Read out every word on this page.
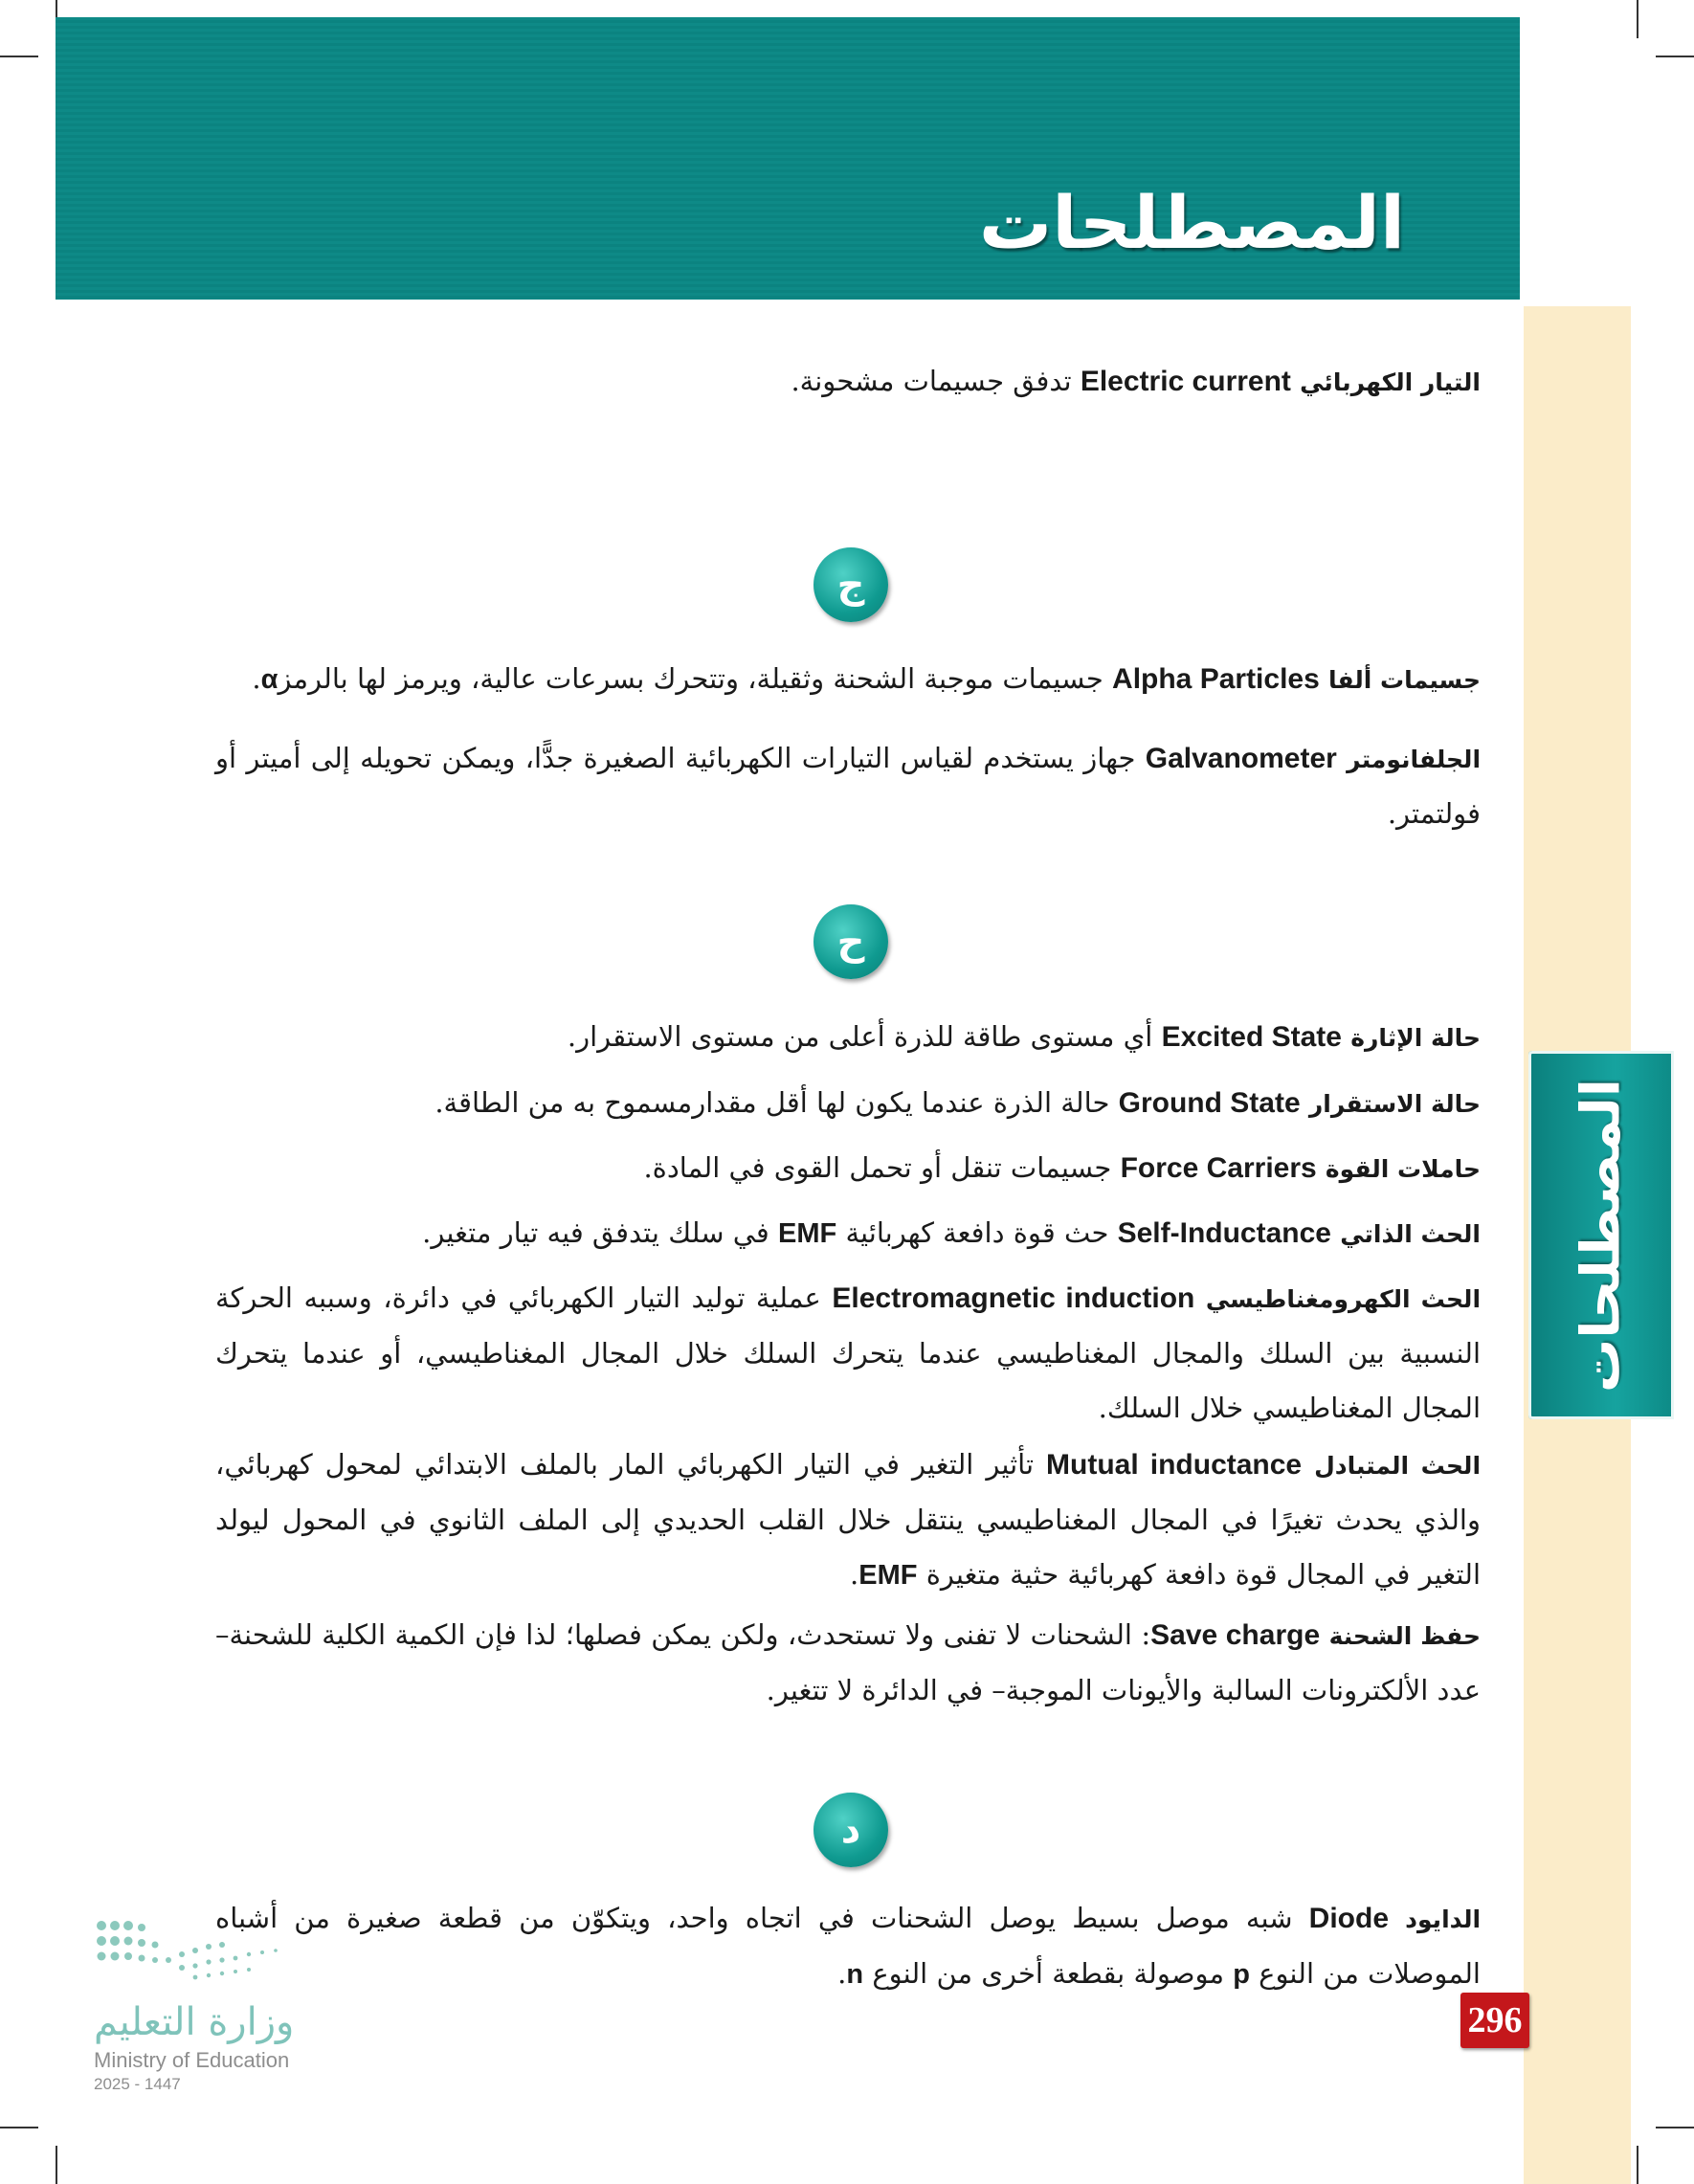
المصطلحات
المصطلحات
التيار الكهربائي Electric current تدفق جسيمات مشحونة.
ج
جسيمات ألفا Alpha Particles جسيمات موجبة الشحنة وثقيلة، وتتحرك بسرعات عالية، ويرمز لها بالرمزα.
الجلفانومتر Galvanometer جهاز يستخدم لقياس التيارات الكهربائية الصغيرة جدًّا، ويمكن تحويله إلى أميتر أو فولتمتر.
ح
حالة الإثارة Excited State أي مستوى طاقة للذرة أعلى من مستوى الاستقرار.
حالة الاستقرار Ground State حالة الذرة عندما يكون لها أقل مقدارمسموح به من الطاقة.
حاملات القوة Force Carriers جسيمات تنقل أو تحمل القوى في المادة.
الحث الذاتي Self-Inductance حث قوة دافعة كهربائية EMF في سلك يتدفق فيه تيار متغير.
الحث الكهرومغناطيسي Electromagnetic induction عملية توليد التيار الكهربائي في دائرة، وسببه الحركة النسبية بين السلك والمجال المغناطيسي عندما يتحرك السلك خلال المجال المغناطيسي، أو عندما يتحرك المجال المغناطيسي خلال السلك.
الحث المتبادل Mutual inductance تأثير التغير في التيار الكهربائي المار بالملف الابتدائي لمحول كهربائي، والذي يحدث تغيرًا في المجال المغناطيسي ينتقل خلال القلب الحديدي إلى الملف الثانوي في المحول ليولد التغير في المجال قوة دافعة كهربائية حثية متغيرة EMF.
حفظ الشحنة Save charge: الشحنات لا تفنى ولا تستحدث، ولكن يمكن فصلها؛ لذا فإن الكمية الكلية للشحنة– عدد الألكترونات السالبة والأيونات الموجبة– في الدائرة لا تتغير.
د
الدايود Diode شبه موصل بسيط يوصل الشحنات في اتجاه واحد، ويتكوّن من قطعة صغيرة من أشباه الموصلات من النوع p موصولة بقطعة أخرى من النوع n.
296
وزارة التعليم
Ministry of Education
2025 - 1447
